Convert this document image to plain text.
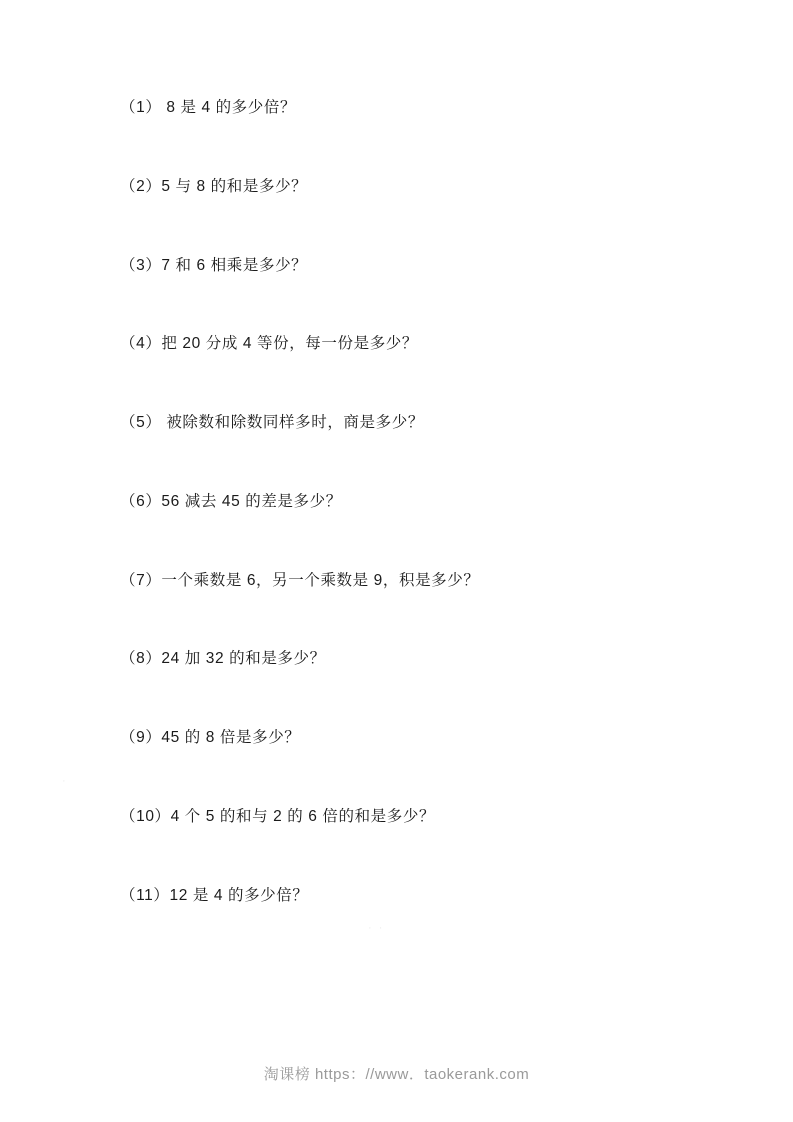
（1） 8 是 4 的多少倍？

（2）5 与 8 的和是多少？

（3）7 和 6 相乘是多少？

（4）把 20 分成 4 等份，每一份是多少？

（5） 被除数和除数同样多时，商是多少？

（6）56 减去 45 的差是多少？

（7）一个乘数是 6，另一个乘数是 9，积是多少？

（8）24 加 32 的和是多少？

（9）45 的 8 倍是多少？

（10）4 个 5 的和与 2 的 6 倍的和是多少？

（11）12 是 4 的多少倍？

·
· ·
淘课榜 https：//www．taokerank.com
